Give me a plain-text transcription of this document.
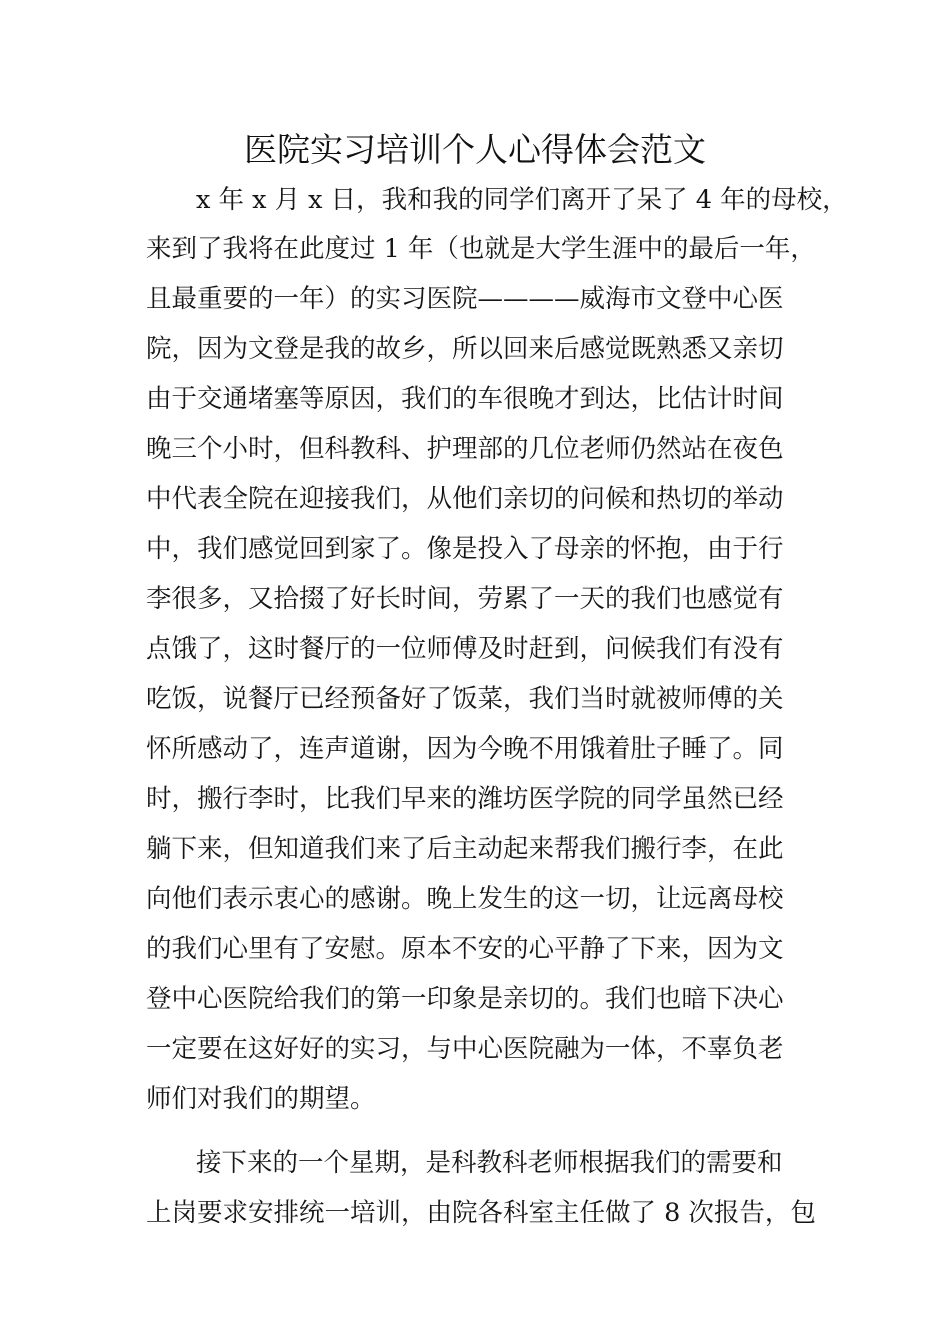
医院实习培训个人心得体会范文
x 年 x 月 x 日，我和我的同学们离开了呆了 4 年的母校，
来到了我将在此度过 1 年（也就是大学生涯中的最后一年，
且最重要的一年）的实习医院————威海市文登中心医
院，因为文登是我的故乡，所以回来后感觉既熟悉又亲切
由于交通堵塞等原因，我们的车很晚才到达，比估计时间
晚三个小时，但科教科、护理部的几位老师仍然站在夜色
中代表全院在迎接我们，从他们亲切的问候和热切的举动
中，我们感觉回到家了。像是投入了母亲的怀抱，由于行
李很多，又拾掇了好长时间，劳累了一天的我们也感觉有
点饿了，这时餐厅的一位师傅及时赶到，问候我们有没有
吃饭，说餐厅已经预备好了饭菜，我们当时就被师傅的关
怀所感动了，连声道谢，因为今晚不用饿着肚子睡了。同
时，搬行李时，比我们早来的潍坊医学院的同学虽然已经
躺下来，但知道我们来了后主动起来帮我们搬行李，在此
向他们表示衷心的感谢。晚上发生的这一切，让远离母校
的我们心里有了安慰。原本不安的心平静了下来，因为文
登中心医院给我们的第一印象是亲切的。我们也暗下决心
一定要在这好好的实习，与中心医院融为一体，不辜负老
师们对我们的期望。
接下来的一个星期，是科教科老师根据我们的需要和
上岗要求安排统一培训，由院各科室主任做了 8 次报告，包
